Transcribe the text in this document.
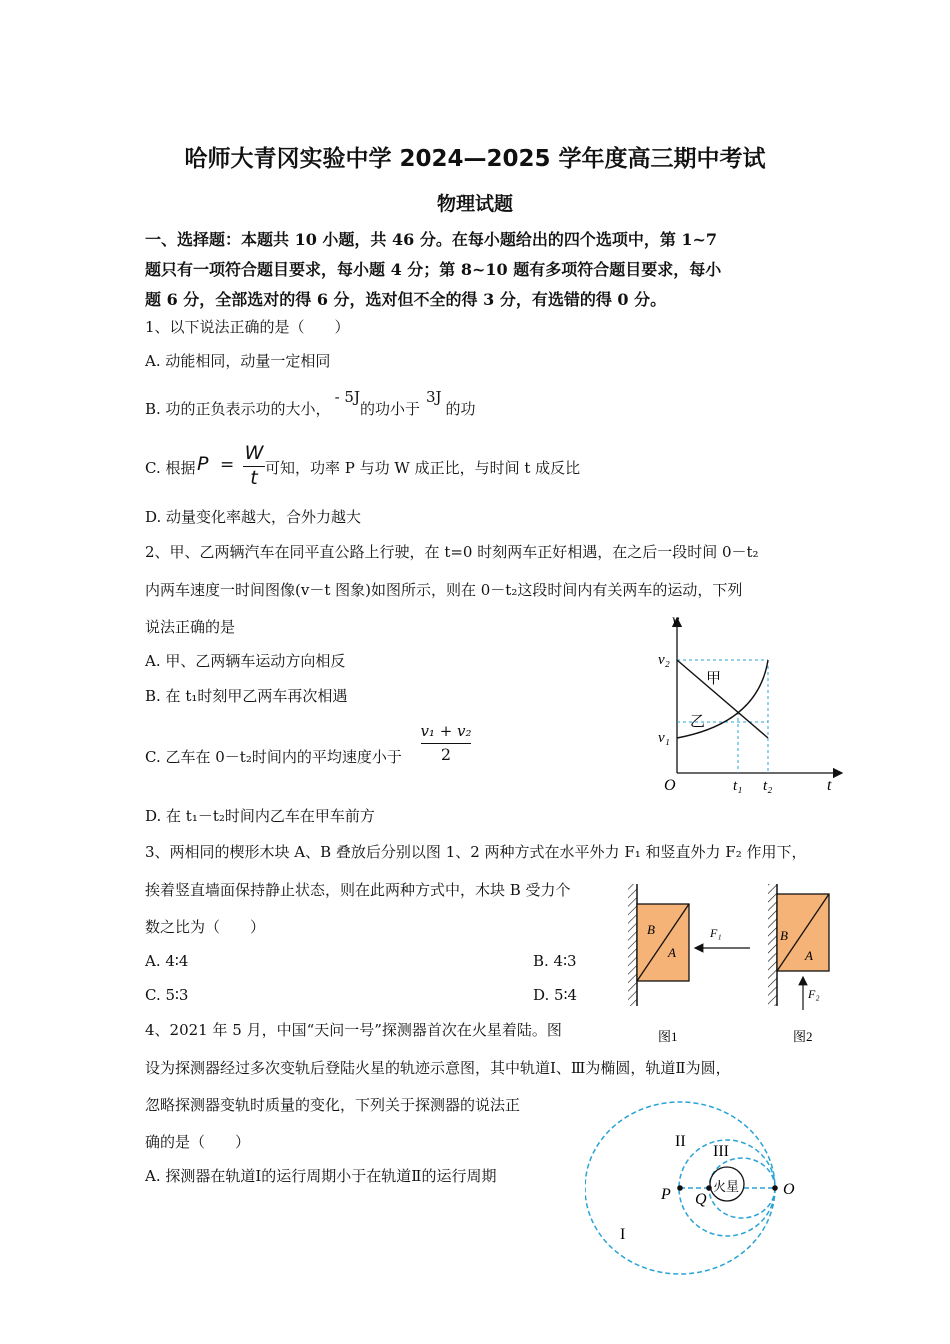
哈师大青冈实验中学 2024—2025 学年度高三期中考试
物理试题
一、选择题：本题共 10 小题，共 46 分。在每小题给出的四个选项中，第 1~7
题只有一项符合题目要求，每小题 4 分；第 8~10 题有多项符合题目要求，每小
题 6 分，全部选对的得 6 分，选对但不全的得 3 分，有选错的得 0 分。
1、以下说法正确的是（　　）
A. 动能相同，动量一定相同
B. 功的正负表示功的大小，- 5J的功小于3J的功
C. 根据 P =
W
t 可知，功率 P 与功 W 成正比，与时间 t 成反比
D. 动量变化率越大，合外力越大
2、甲、乙两辆汽车在同平直公路上行驶，在 t=0 时刻两车正好相遇，在之后一段时间 0－t₂
内两车速度一时间图像(v－t 图象)如图所示，则在 0－t₂这段时间内有关两车的运动，下列
说法正确的是
A. 甲、乙两辆车运动方向相反
B. 在 t₁时刻甲乙两车再次相遇
C. 乙车在 0－t₂时间内的平均速度小于
v₁ + v₂
2
D. 在 t₁－t₂时间内乙车在甲车前方
v
v₂
v₁
O	t₁ t₂	t
甲
乙
3、两相同的楔形木块 A、B 叠放后分别以图 1、2 两种方式在水平外力 F₁ 和竖直外力 F₂ 作用下，
挨着竖直墙面保持静止状态，则在此两种方式中，木块 B 受力个
数之比为（　　）
A. 4∶4	B. 4∶3
C. 5∶3	D. 5∶4
B
A
F₁
图1
B
A
F₂
图2
4、2021 年 5 月，中国“天问一号”探测器首次在火星着陆。图
设为探测器经过多次变轨后登陆火星的轨迹示意图，其中轨道Ⅰ、Ⅲ为椭圆，轨道Ⅱ为圆，
忽略探测器变轨时质量的变化，下列关于探测器的说法正
确的是（　　）
A. 探测器在轨道Ⅰ的运行周期小于在轨道Ⅱ的运行周期
火星
P Q
O
II
III
I
